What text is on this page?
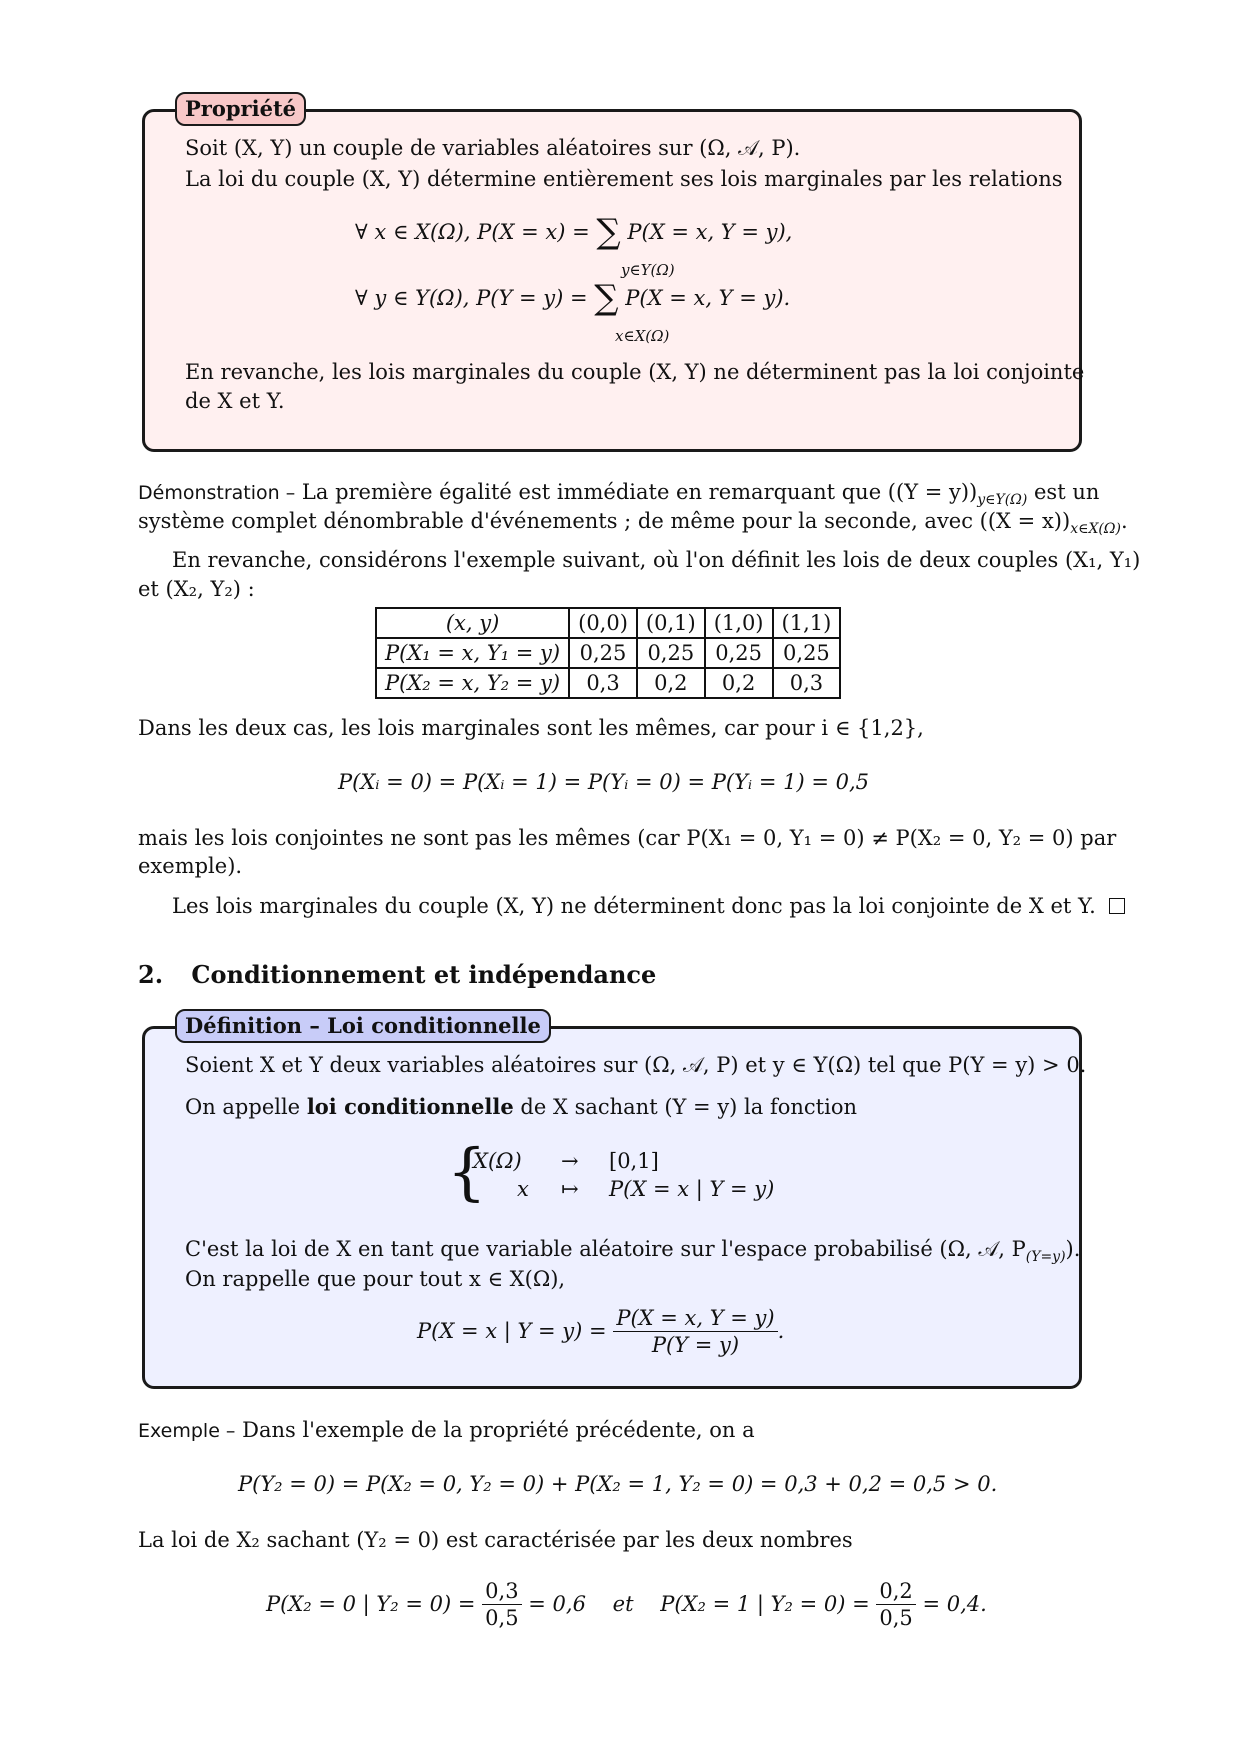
Propriété
Soit (X, Y) un couple de variables aléatoires sur (Ω, 𝒜, P).
La loi du couple (X, Y) détermine entièrement ses lois marginales par les relations
∀ x ∈ X(Ω), P(X = x) = ∑ P(X = x, Y = y),
y∈Y(Ω)
∀ y ∈ Y(Ω), P(Y = y) = ∑ P(X = x, Y = y).
x∈X(Ω)
En revanche, les lois marginales du couple (X, Y) ne déterminent pas la loi conjointe
de X et Y.
Démonstration – La première égalité est immédiate en remarquant que $((Y = y))_{y\in Y(\Omega)}$ est un
système complet dénombrable d'événements ; de même pour la seconde, avec $((X = x))_{x\in X(\Omega)}$.
En revanche, considérons l'exemple suivant, où l'on définit les lois de deux couples (X₁, Y₁)
et (X₂, Y₂) :
(x, y)	(0,0)	(0,1)	(1,0)	(1,1)
P(X₁ = x, Y₁ = y)	0,25	0,25	0,25	0,25
P(X₂ = x, Y₂ = y)	0,3	0,2	0,2	0,3
Dans les deux cas, les lois marginales sont les mêmes, car pour i ∈ {1,2},
P(Xᵢ = 0) = P(Xᵢ = 1) = P(Yᵢ = 0) = P(Yᵢ = 1) = 0,5
mais les lois conjointes ne sont pas les mêmes (car P(X₁ = 0, Y₁ = 0) ≠ P(X₂ = 0, Y₂ = 0) par
exemple).
Les lois marginales du couple (X, Y) ne déterminent donc pas la loi conjointe de X et Y.
2. Conditionnement et indépendance
Définition – Loi conditionnelle
Soient X et Y deux variables aléatoires sur (Ω, 𝒜, P) et y ∈ Y(Ω) tel que P(Y = y) > 0.
On appelle loi conditionnelle de X sachant (Y = y) la fonction
{
X(Ω) → [0,1]
x ↦ P(X = x | Y = y)
C'est la loi de X en tant que variable aléatoire sur l'espace probabilisé (Ω, 𝒜, $P_{(Y=y)}$).
On rappelle que pour tout x ∈ X(Ω),
P(X = x | $Y = y) = \frac{P(X = x, Y = y)}{P(Y = y)}$ .
Exemple – Dans l'exemple de la propriété précédente, on a
P(Y₂ = 0) = P(X₂ = 0, Y₂ = 0) + P(X₂ = 1, Y₂ = 0) = 0,3 + 0,2 = 0,5 > 0.
La loi de X₂ sachant (Y₂ = 0) est caractérisée par les deux nombres
P(X₂ = 0 | $Y_2 = 0) = \frac{0,3}{0,5} = 0,6$    et    P(X₂ = 1 | $Y_2 = 0) = \frac{0,2}{0,5} = 0,4$.
